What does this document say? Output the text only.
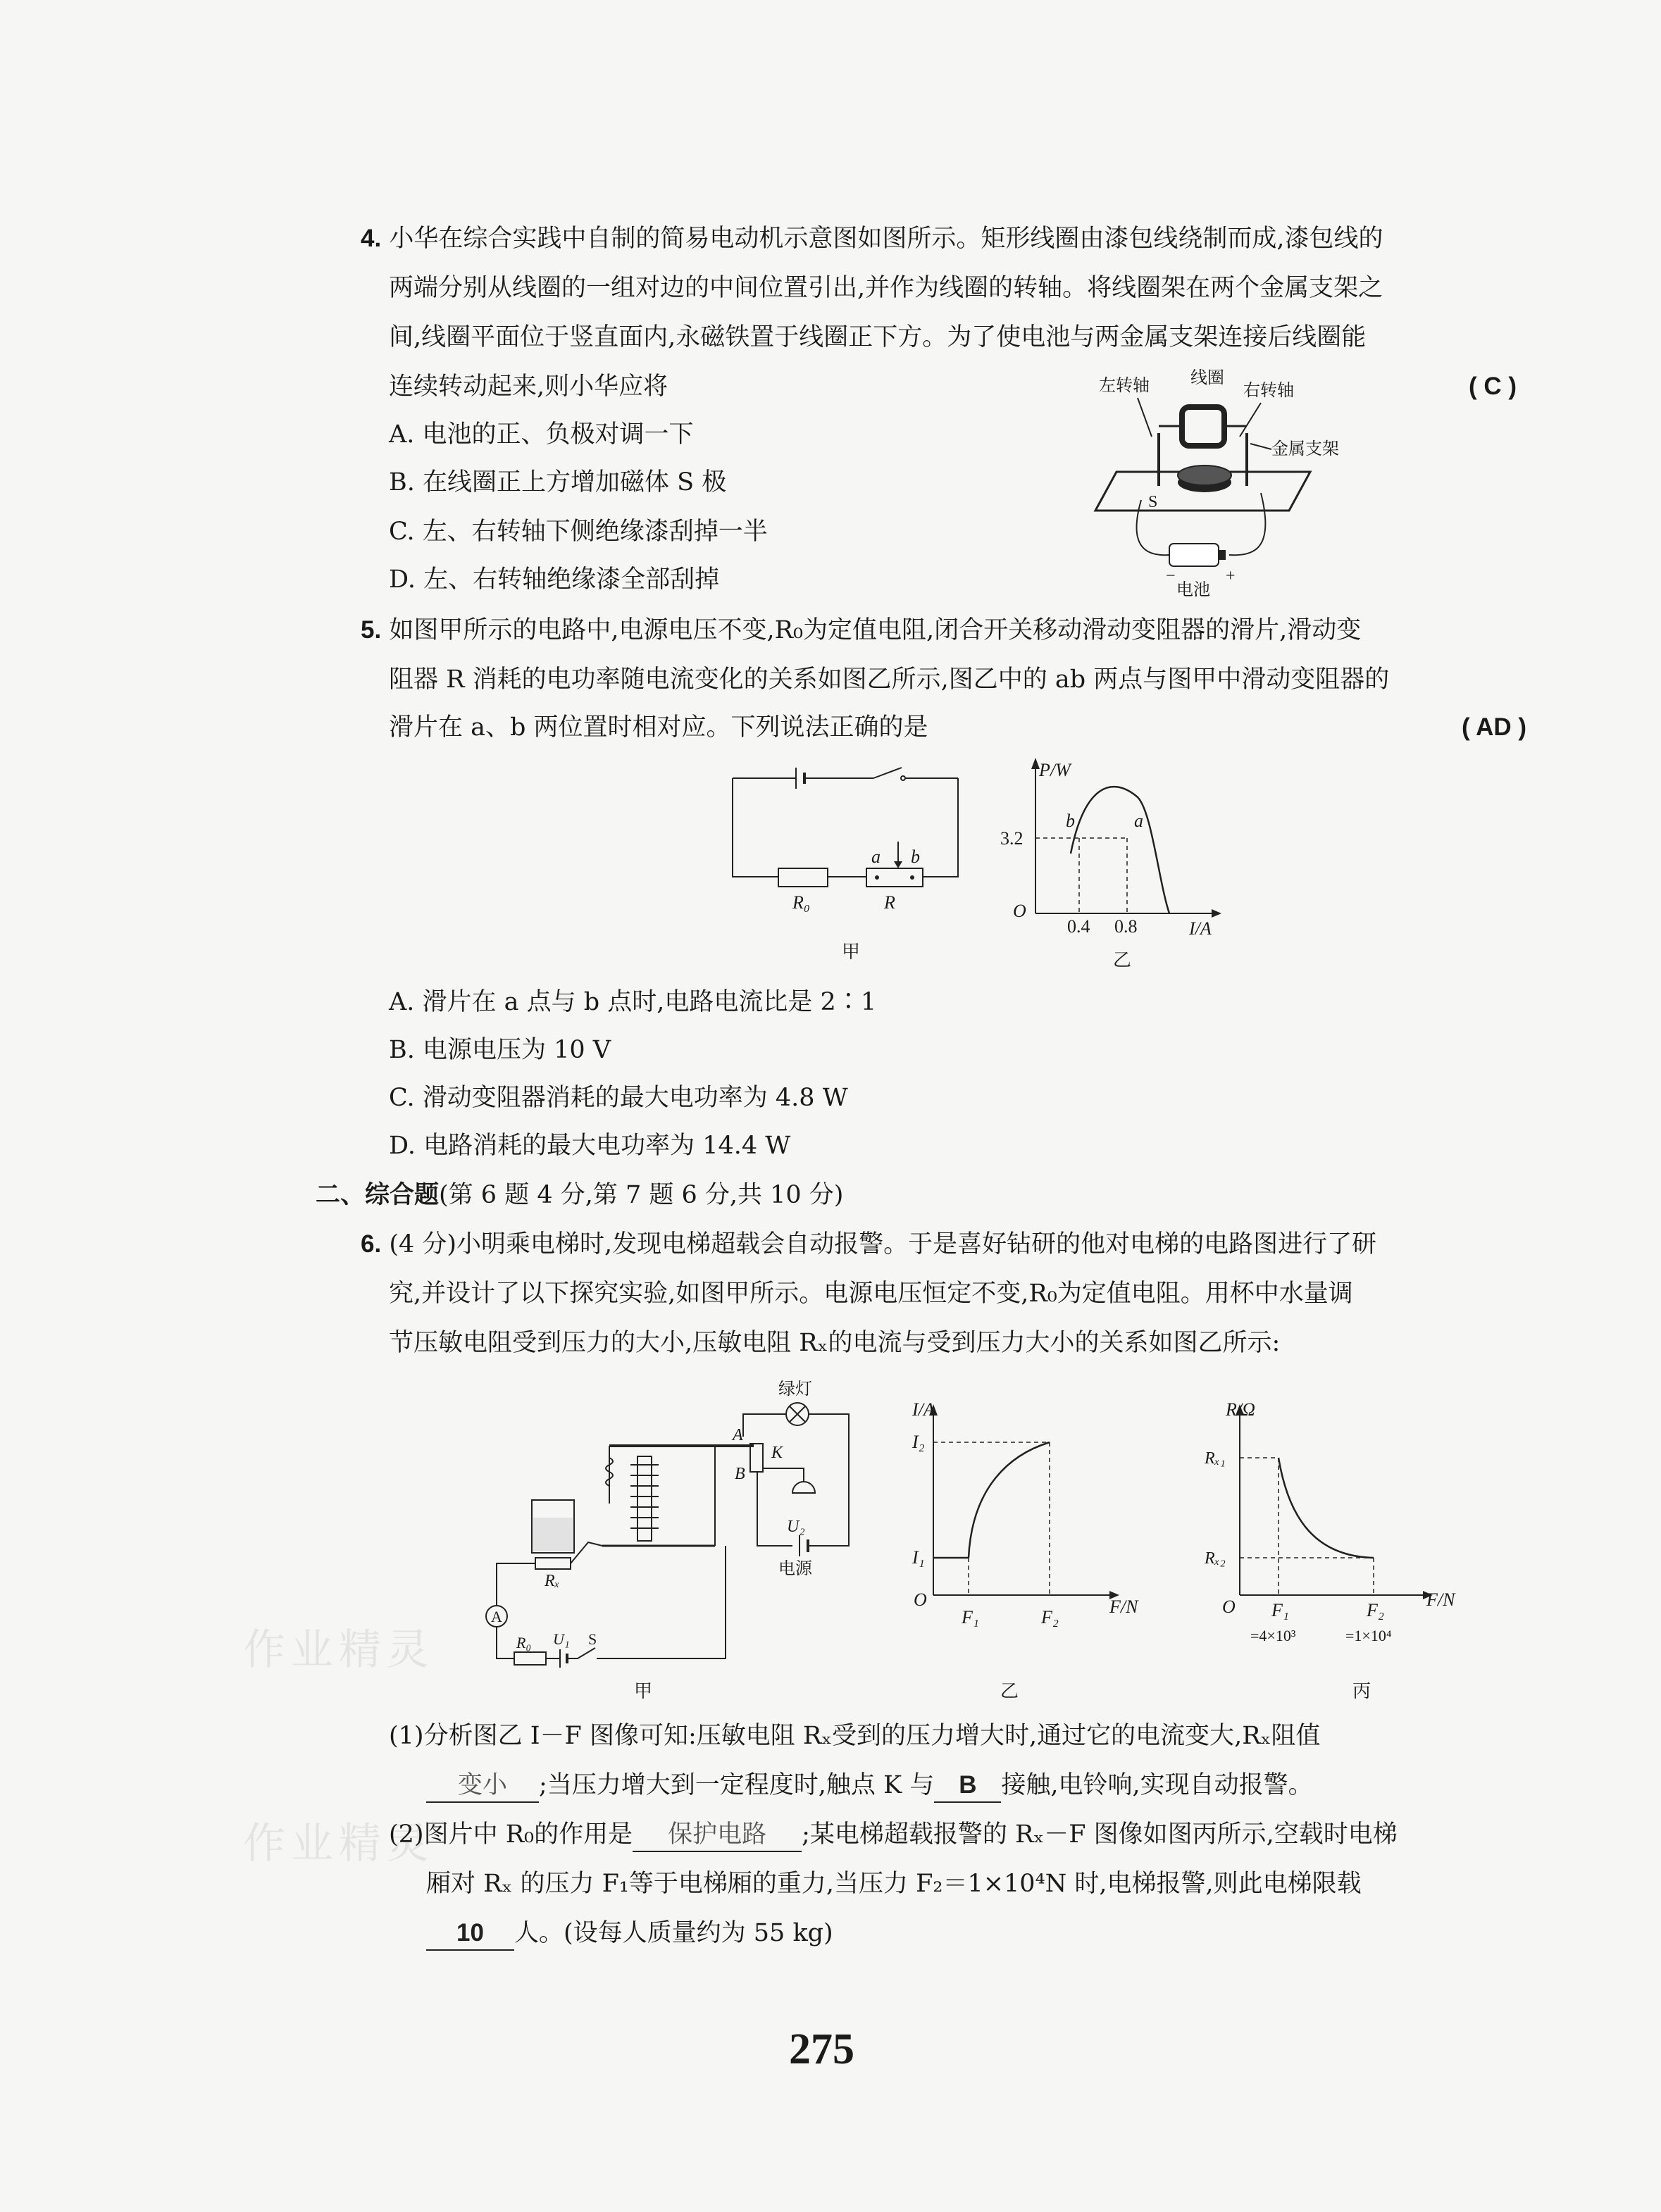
4. 小华在综合实践中自制的简易电动机示意图如图所示。矩形线圈由漆包线绕制而成,漆包线的
两端分别从线圈的一组对边的中间位置引出,并作为线圈的转轴。将线圈架在两个金属支架之
间,线圈平面位于竖直面内,永磁铁置于线圈正下方。为了使电池与两金属支架连接后线圈能
连续转动起来,则小华应将	( C )
A. 电池的正、负极对调一下
B. 在线圈正上方增加磁体 S 极
C. 左、右转轴下侧绝缘漆刮掉一半
D. 左、右转轴绝缘漆全部刮掉
左转轴 线圈
右转轴
金属支架
S
−	+
电池
5. 如图甲所示的电路中,电源电压不变,R₀为定值电阻,闭合开关移动滑动变阻器的滑片,滑动变
阻器 R 消耗的电功率随电流变化的关系如图乙所示,图乙中的 ab 两点与图甲中滑动变阻器的
滑片在 a、b 两位置时相对应。下列说法正确的是	( AD )
a b
R₀	R
甲
P/W
3.2
O
0.4 0.8	I/A
b	a
乙
A. 滑片在 a 点与 b 点时,电路电流比是 2∶1
B. 电源电压为 10 V
C. 滑动变阻器消耗的最大电功率为 4.8 W
D. 电路消耗的最大电功率为 14.4 W
二、综合题(第 6 题 4 分,第 7 题 6 分,共 10 分)
6. (4 分)小明乘电梯时,发现电梯超载会自动报警。于是喜好钻研的他对电梯的电路图进行了研
究,并设计了以下探究实验,如图甲所示。电源电压恒定不变,R₀为定值电阻。用杯中水量调
节压敏电阻受到压力的大小,压敏电阻 Rₓ的电流与受到压力大小的关系如图乙所示:
绿灯
A
K
B
U₂
电源
Rₓ
A
R₀ U₁ S
甲
I/A
I₂
I₁
O
F₁	F₂
F/N
乙
R/Ω
Rₓ₁
Rₓ₂
O F₁	F₂
F/N
=4×10³	=1×10⁴
丙
作业精灵
作业精灵
(1)分析图乙 I－F 图像可知:压敏电阻 Rₓ受到的压力增大时,通过它的电流变大,Rₓ阻值
变小 ;当压力增大到一定程度时,触点 K 与 B 接触,电铃响,实现自动报警。
(2)图片中 R₀的作用是 保护电路 ;某电梯超载报警的 Rₓ－F 图像如图丙所示,空载时电梯
厢对 Rₓ 的压力 F₁等于电梯厢的重力,当压力 F₂＝1×10⁴N 时,电梯报警,则此电梯限载
10 人。(设每人质量约为 55 kg)
275
